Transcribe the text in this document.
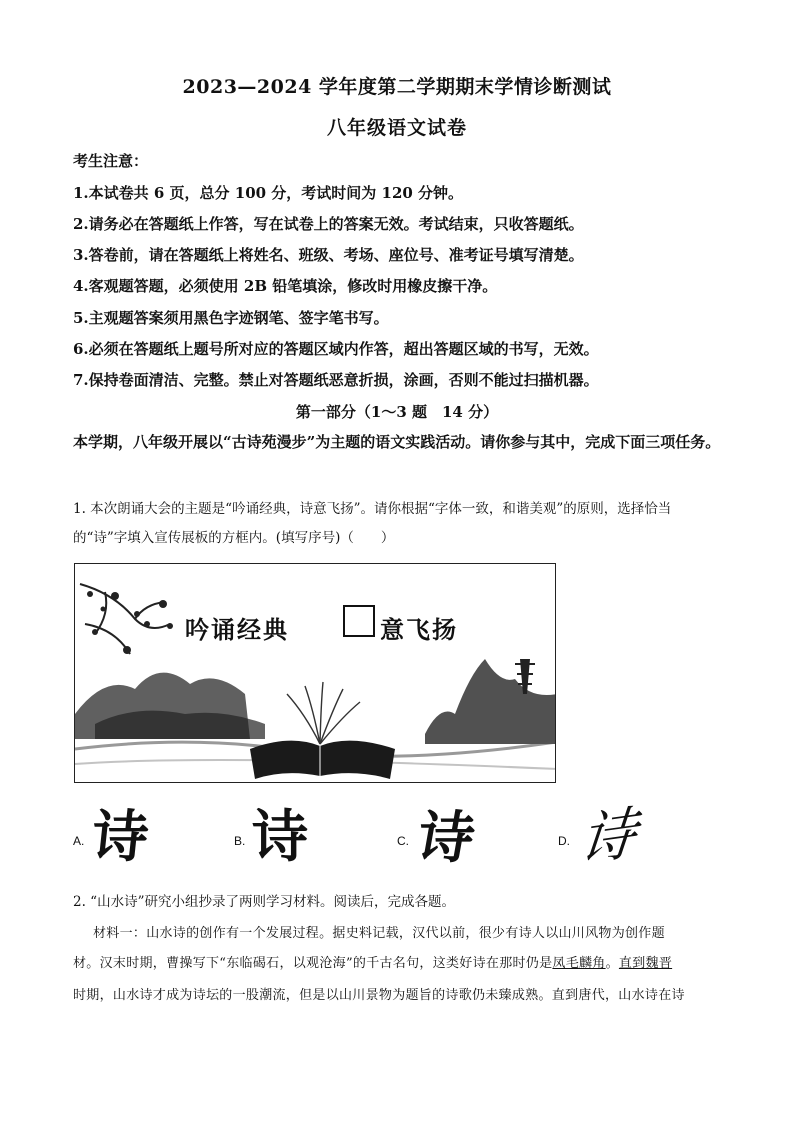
2023—2024 学年度第二学期期末学情诊断测试
八年级语文试卷
考生注意：
1.本试卷共 6 页，总分 100 分，考试时间为 120 分钟。
2.请务必在答题纸上作答，写在试卷上的答案无效。考试结束，只收答题纸。
3.答卷前，请在答题纸上将姓名、班级、考场、座位号、准考证号填写清楚。
4.客观题答题，必须使用 2B 铅笔填涂，修改时用橡皮擦干净。
5.主观题答案须用黑色字迹钢笔、签字笔书写。
6.必须在答题纸上题号所对应的答题区域内作答，超出答题区域的书写，无效。
7.保持卷面清洁、完整。禁止对答题纸恶意折损，涂画，否则不能过扫描机器。
第一部分（1～3 题　14 分）
本学期，八年级开展以“古诗苑漫步”为主题的语文实践活动。请你参与其中，完成下面三项任务。
1. 本次朗诵大会的主题是“吟诵经典，诗意飞扬”。请你根据“字体一致，和谐美观”的原则，选择恰当
的“诗”字填入宣传展板的方框内。(填写序号)（　　）
吟诵经典	意飞扬
A. 诗	B. 诗	C. 诗	D. 诗
2. “山水诗”研究小组抄录了两则学习材料。阅读后，完成各题。
材料一：山水诗的创作有一个发展过程。据史料记载，汉代以前，很少有诗人以山川风物为创作题
材。汉末时期，曹操写下“东临碣石，以观沧海”的千古名句，这类好诗在那时仍是凤毛麟角。直到魏晋
时期，山水诗才成为诗坛的一股潮流，但是以山川景物为题旨的诗歌仍未臻成熟。直到唐代，山水诗在诗
